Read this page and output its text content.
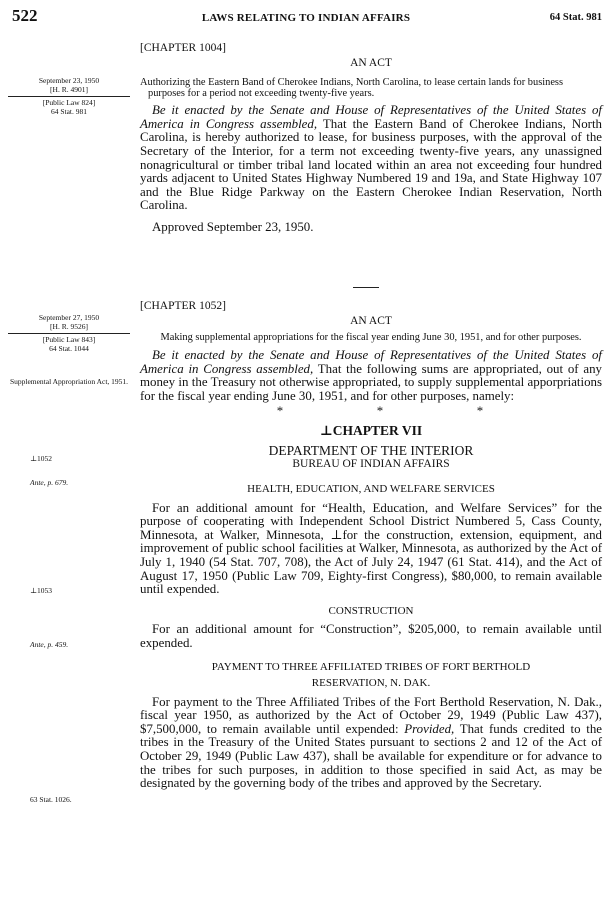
522	LAWS RELATING TO INDIAN AFFAIRS	64 Stat. 981
September 23, 1950
[H. R. 4901]
[Public Law 824]
64 Stat. 981
[CHAPTER 1004]
AN ACT
Authorizing the Eastern Band of Cherokee Indians, North Carolina, to lease certain lands for business purposes for a period not exceeding twenty-five years.
Be it enacted by the Senate and House of Representatives of the United States of America in Congress assembled, That the Eastern Band of Cherokee Indians, North Carolina, is hereby authorized to lease, for business purposes, with the approval of the Secretary of the Interior, for a term not exceeding twenty-five years, any unassigned nonagricultural or timber tribal land located within an area not exceeding four hundred yards adjacent to United States Highway Numbered 19 and 19a, and State Highway 107 and the Blue Ridge Parkway on the Eastern Cherokee Indian Reservation, North Carolina.
Approved September 23, 1950.
September 27, 1950
[H. R. 9526]
[Public Law 843]
64 Stat. 1044
Supplemental Appropriation Act, 1951.
⊥1052
Ante, p. 679.
⊥1053
Ante, p. 459.
63 Stat. 1026.
[CHAPTER 1052]
AN ACT
Making supplemental appropriations for the fiscal year ending June 30, 1951, and for other purposes.
Be it enacted by the Senate and House of Representatives of the United States of America in Congress assembled, That the following sums are appropriated, out of any money in the Treasury not otherwise appropriated, to supply supplemental apporpriations for the fiscal year ending June 30, 1951, and for other purposes, namely:
*	*	*
⊥CHAPTER VII
DEPARTMENT OF THE INTERIOR
BUREAU OF INDIAN AFFAIRS
HEALTH, EDUCATION, AND WELFARE SERVICES
For an additional amount for “Health, Education, and Welfare Services” for the purpose of cooperating with Independent School District Numbered 5, Cass County, Minnesota, at Walker, Minnesota, ⊥for the construction, extension, equipment, and improvement of public school facilities at Walker, Minnesota, as authorized by the Act of July 1, 1940 (54 Stat. 707, 708), the Act of July 24, 1947 (61 Stat. 414), and the Act of August 17, 1950 (Public Law 709, Eighty-first Congress), $80,000, to remain available until expended.
CONSTRUCTION
For an additional amount for “Construction”, $205,000, to remain available until expended.
PAYMENT TO THREE AFFILIATED TRIBES OF FORT BERTHOLD
RESERVATION, N. DAK.
For payment to the Three Affiliated Tribes of the Fort Berthold Reservation, N. Dak., fiscal year 1950, as authorized by the Act of October 29, 1949 (Public Law 437), $7,500,000, to remain available until expended: Provided, That funds credited to the tribes in the Treasury of the United States pursuant to sections 2 and 12 of the Act of October 29, 1949 (Public Law 437), shall be available for expenditure or for advance to the tribes for such purposes, in addition to those specified in said Act, as may be designated by the governing body of the tribes and approved by the Secretary.
